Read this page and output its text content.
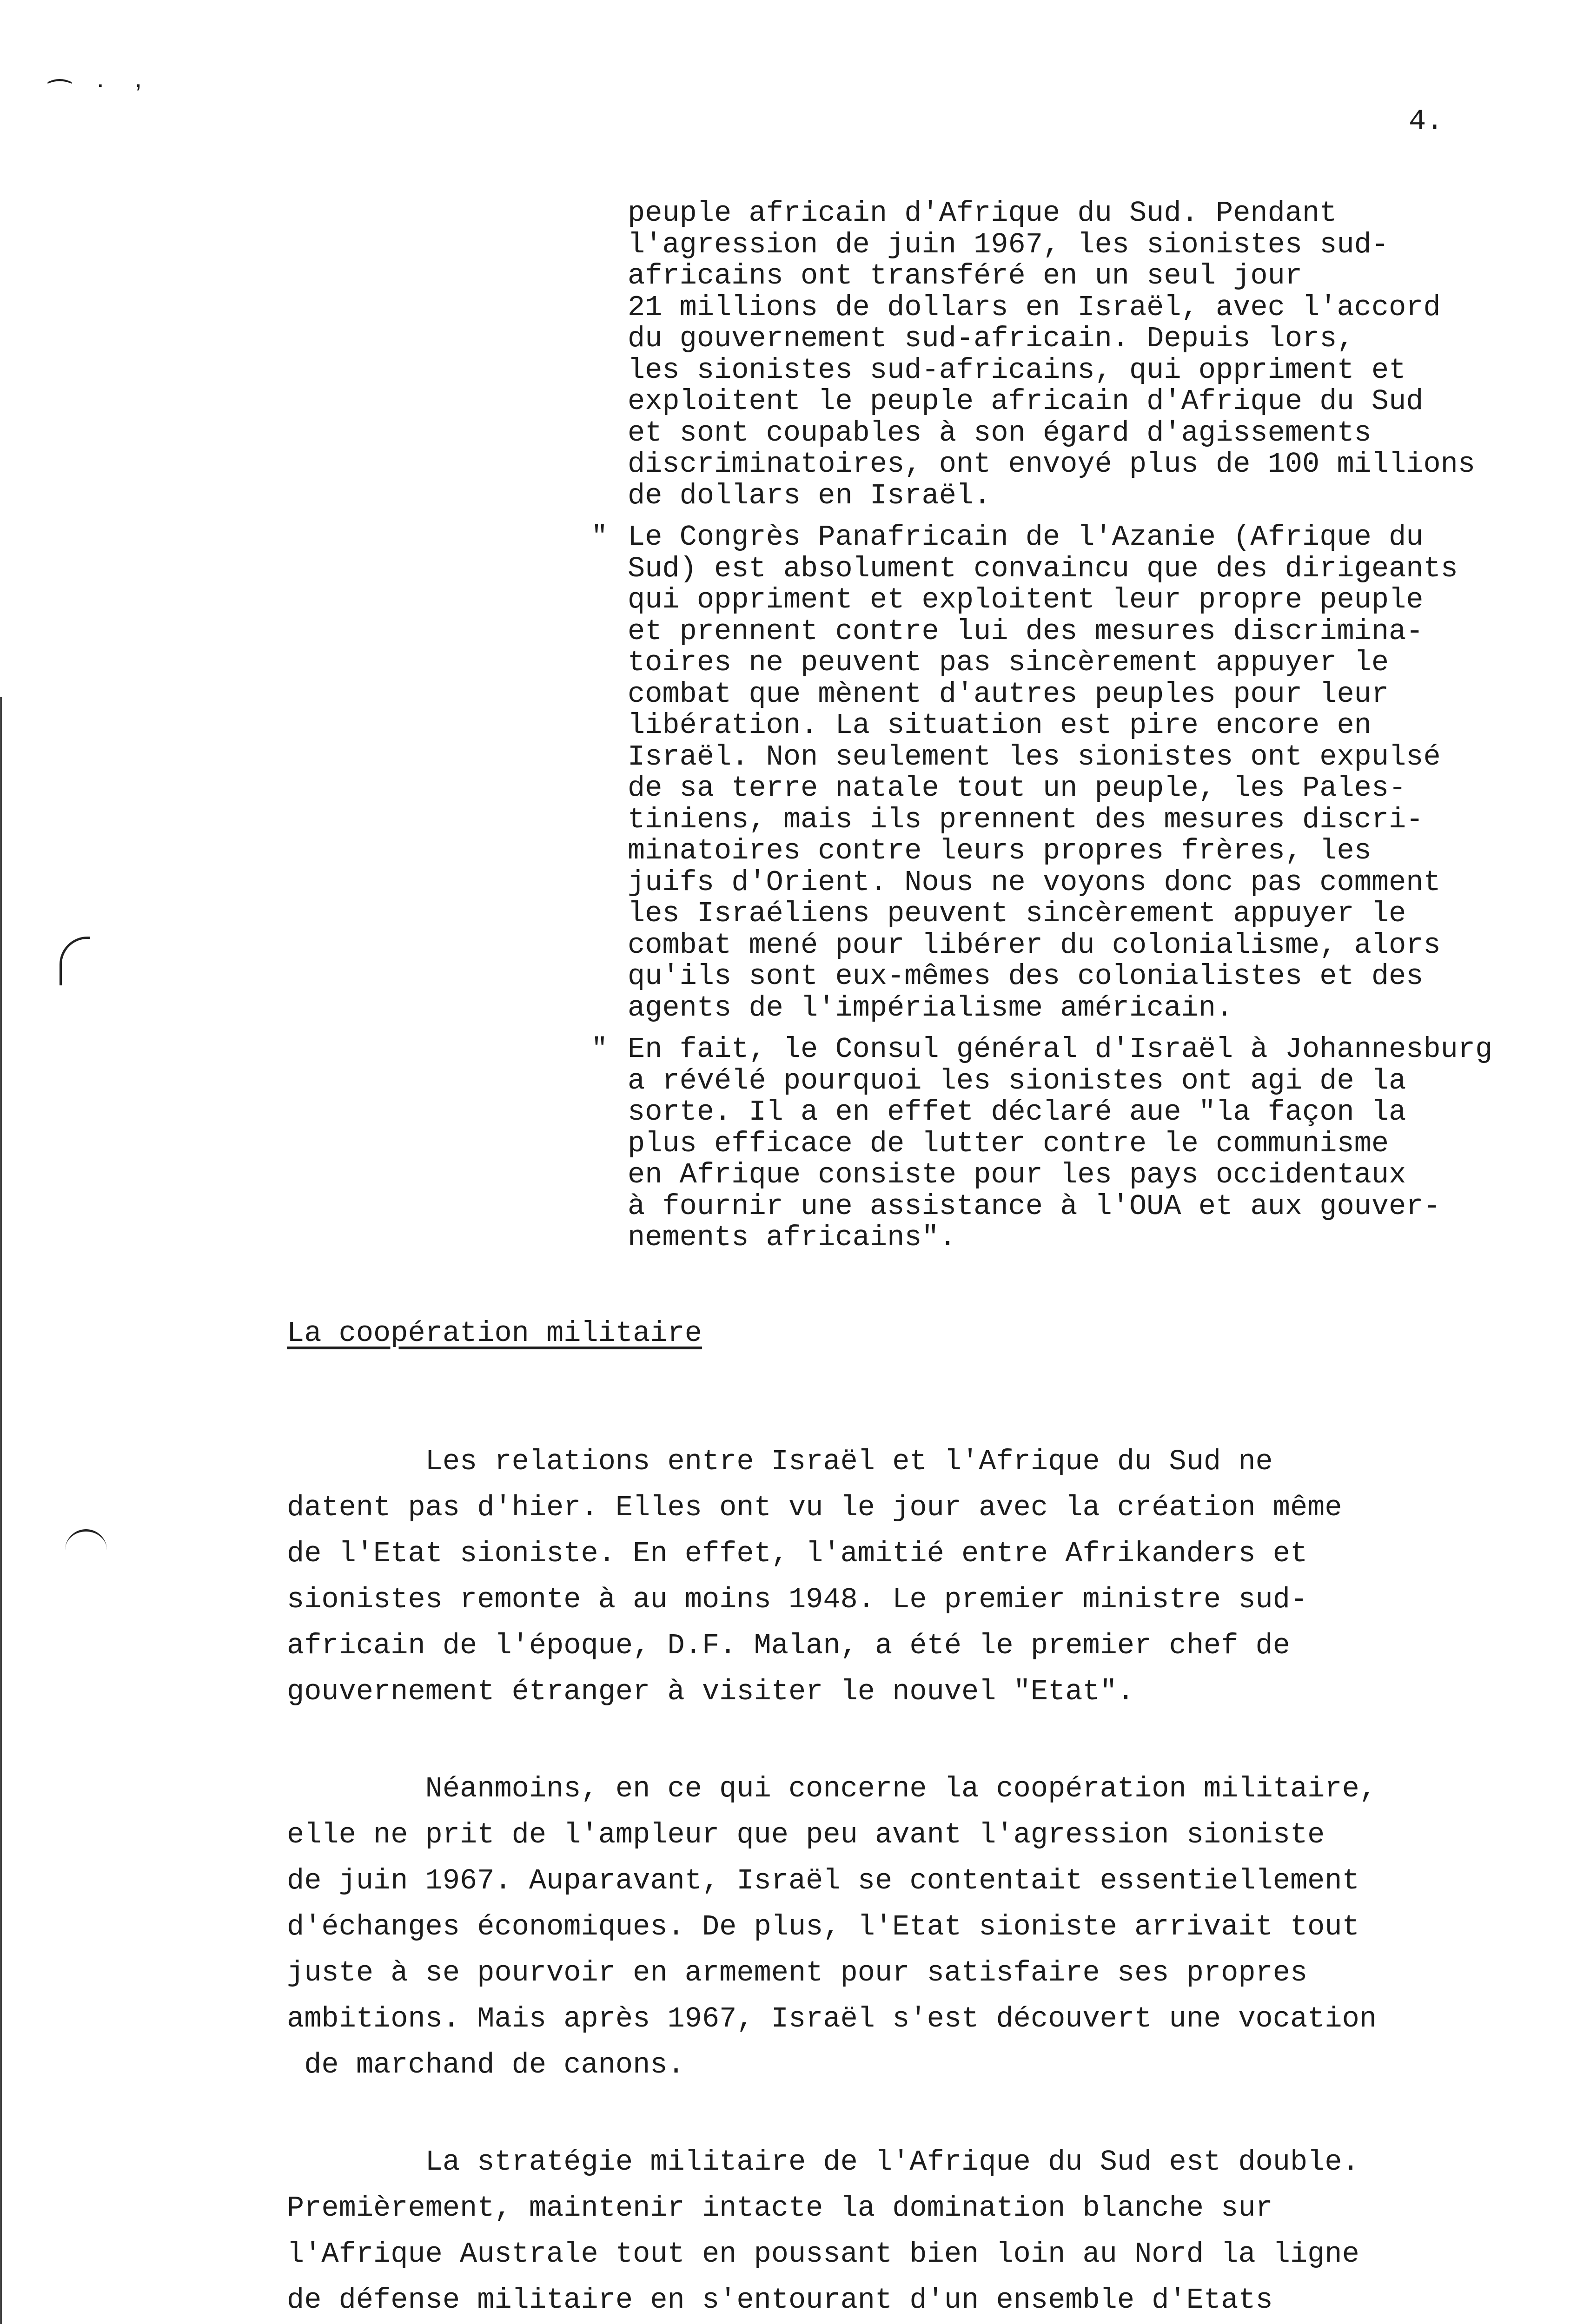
⁀ ˙ ʼ
4.
peuple africain d'Afrique du Sud. Pendant
l'agression de juin 1967, les sionistes sud-
africains ont transféré en un seul jour
21 millions de dollars en Israël, avec l'accord
du gouvernement sud-africain. Depuis lors,
les sionistes sud-africains, qui oppriment et
exploitent le peuple africain d'Afrique du Sud
et sont coupables à son égard d'agissements
discriminatoires, ont envoyé plus de 100 millions
de dollars en Israël.
" Le Congrès Panafricain de l'Azanie (Afrique du
Sud) est absolument convaincu que des dirigeants
qui oppriment et exploitent leur propre peuple
et prennent contre lui des mesures discrimina-
toires ne peuvent pas sincèrement appuyer le
combat que mènent d'autres peuples pour leur
libération. La situation est pire encore en
Israël. Non seulement les sionistes ont expulsé
de sa terre natale tout un peuple, les Pales-
tiniens, mais ils prennent des mesures discri-
minatoires contre leurs propres frères, les
juifs d'Orient. Nous ne voyons donc pas comment
les Israéliens peuvent sincèrement appuyer le
combat mené pour libérer du colonialisme, alors
qu'ils sont eux-mêmes des colonialistes et des
agents de l'impérialisme américain.
" En fait, le Consul général d'Israël à Johannesburg
a révélé pourquoi les sionistes ont agi de la
sorte. Il a en effet déclaré aue "la façon la
plus efficace de lutter contre le communisme
en Afrique consiste pour les pays occidentaux
à fournir une assistance à l'OUA et aux gouver-
nements africains".
La coopération militaire
Les relations entre Israël et l'Afrique du Sud ne
datent pas d'hier. Elles ont vu le jour avec la création même
de l'Etat sioniste. En effet, l'amitié entre Afrikanders et
sionistes remonte à au moins 1948. Le premier ministre sud-
africain de l'époque, D.F. Malan, a été le premier chef de
gouvernement étranger à visiter le nouvel "Etat".
Néanmoins, en ce qui concerne la coopération militaire,
elle ne prit de l'ampleur que peu avant l'agression sioniste
de juin 1967. Auparavant, Israël se contentait essentiellement
d'échanges économiques. De plus, l'Etat sioniste arrivait tout
juste à se pourvoir en armement pour satisfaire ses propres
ambitions. Mais après 1967, Israël s'est découvert une vocation
de marchand de canons.
La stratégie militaire de l'Afrique du Sud est double.
Premièrement, maintenir intacte la domination blanche sur
l'Afrique Australe tout en poussant bien loin au Nord la ligne
de défense militaire en s'entourant d'un ensemble d'Etats
